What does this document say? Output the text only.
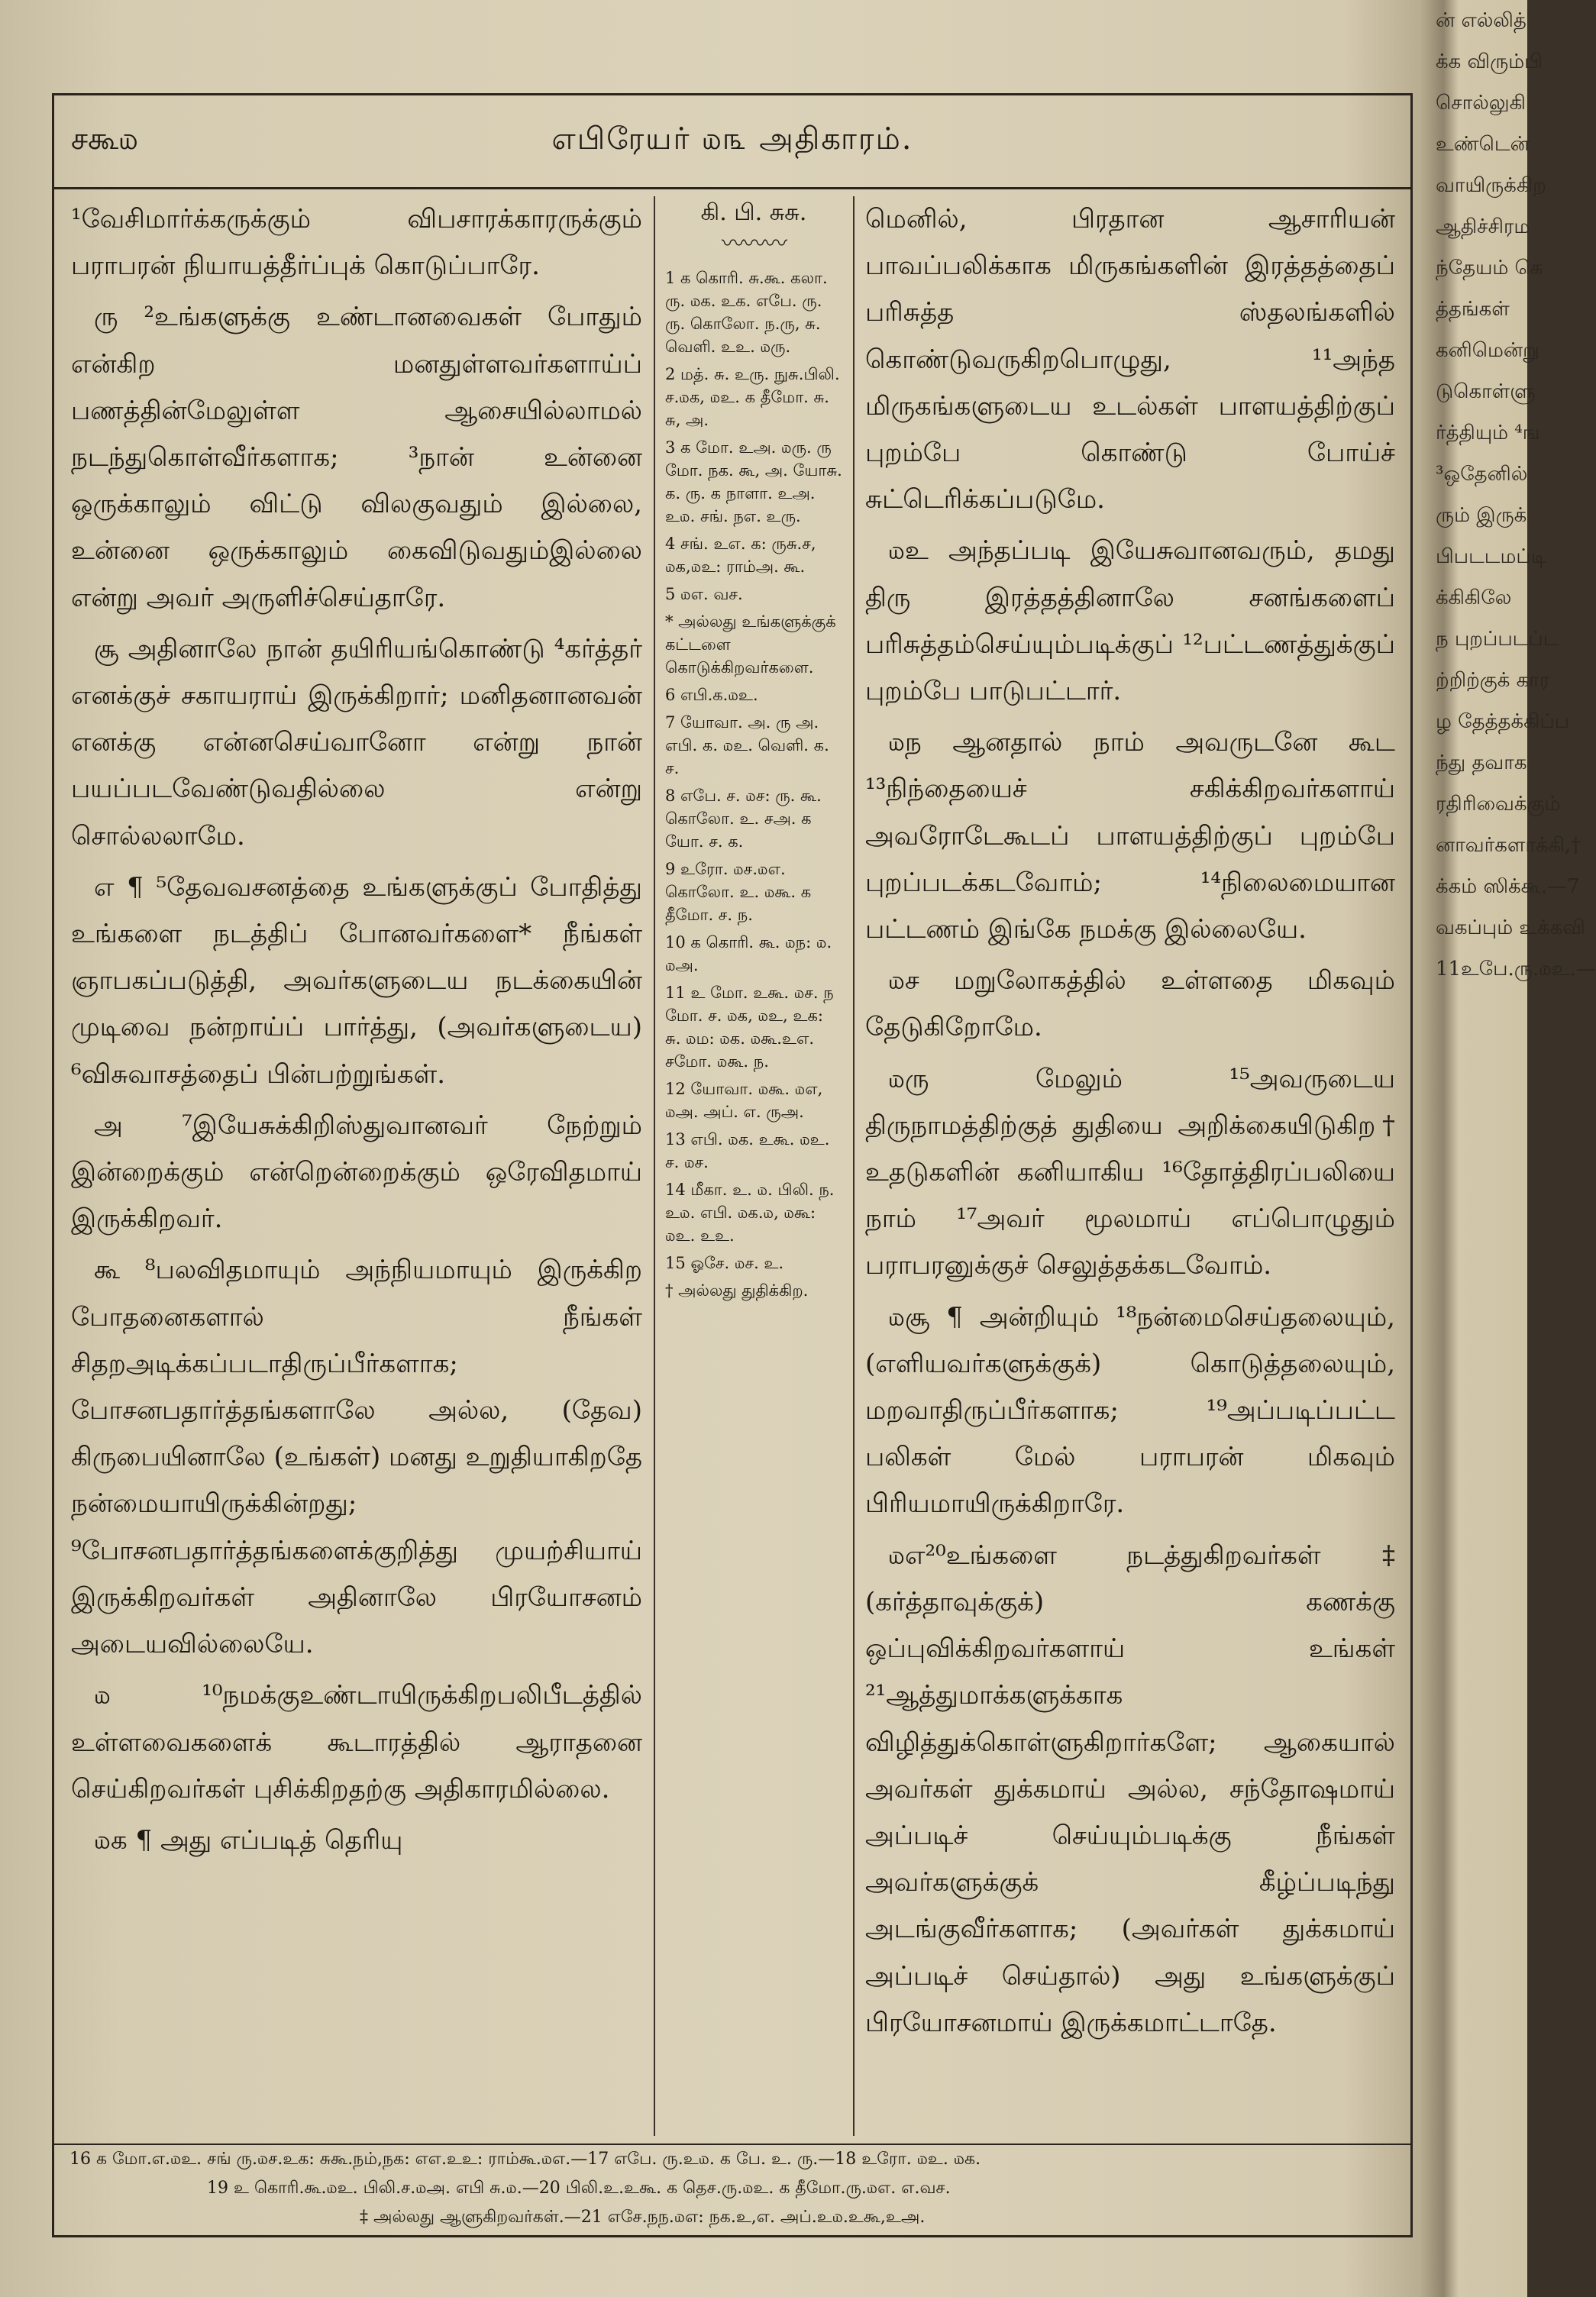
ன் எல்லித்
க்க விரும்பி
சொல்லுகி
உண்டென்
வாயிருக்கிற
ஆதிச்சிரம
ந்தேயம் கெ
த்தங்கள்
கனிமென்று
டுகொள்ளு
ர்த்தியும் ⁴ங
³ஒதேனில்
ரும் இருக்
பிபடடமப்டி
க்கிகிலே
ந புறப்படப்ட
ற்றிற்குக் கார
ழ தேத்தக்கிப்ப
ந்து தவாக
ரதிரிவைக்கும்
னாவர்களாக்கி,†
க்கம் ஸிக்கூ.—7
வகப்பும் உக்கவி
11உபே.ரு.௰உ.—
சகூ௰	எபிரேயர் ௰௩ அதிகாரம்.

¹வேசிமார்க்கருக்கும் விபசாரக்காரருக்கும் பராபரன் நியாயத்தீர்ப்புக் கொடுப்பாரே.

ரு ²உங்களுக்கு உண்டானவைகள் போதும் என்கிற மனதுள்ளவர்களாய்ப் பணத்தின்மேலுள்ள ஆசையில்லாமல் நடந்துகொள்வீர்களாக; ³நான் உன்னை ஒருக்காலும் விட்டு விலகுவதும் இல்லை, உன்னை ஒருக்காலும் கைவிடுவதும்இல்லை என்று அவர் அருளிச்செய்தாரே.

சூ அதினாலே நான் தயிரியங்கொண்டு ⁴கர்த்தர் எனக்குச் சகாயராய் இருக்கிறார்; மனிதனானவன் எனக்கு என்னசெய்வானோ என்று நான் பயப்படவேண்டுவதில்லை என்று சொல்லலாமே.

எ ¶ ⁵தேவவசனத்தை உங்களுக்குப் போதித்து உங்களை நடத்திப் போனவர்களை* நீங்கள் ஞாபகப்படுத்தி, அவர்களுடைய நடக்கையின் முடிவை நன்றாய்ப் பார்த்து, (அவர்களுடைய) ⁶விசுவாசத்தைப் பின்பற்றுங்கள்.

அ ⁷இயேசுக்கிறிஸ்துவானவர் நேற்றும் இன்றைக்கும் என்றென்றைக்கும் ஒரேவிதமாய் இருக்கிறவர்.

கூ ⁸பலவிதமாயும் அந்நியமாயும் இருக்கிற போதனைகளால் நீங்கள் சிதறஅடிக்கப்படாதிருப்பீர்களாக; போசனபதார்த்தங்களாலே அல்ல, (தேவ) கிருபையினாலே (உங்கள்) மனது உறுதியாகிறதே நன்மையாயிருக்கின்றது; ⁹போசனபதார்த்தங்களைக்குறித்து முயற்சியாய் இருக்கிறவர்கள் அதினாலே பிரயோசனம் அடையவில்லையே.

௰ ¹⁰நமக்குஉண்டாயிருக்கிறபலிபீடத்தில் உள்ளவைகளைக் கூடாரத்தில் ஆராதனை செய்கிறவர்கள் புசிக்கிறதற்கு அதிகாரமில்லை.

௰க ¶ அது எப்படித் தெரியு

கி. பி. சுசு.
〰〰〰
1 க கொரி. சு.கூ. கலா. ரு. ௰க. உக. எபே. ரு. ரு. கொலோ. ந.ரு, சு. வெளி. உஉ. ௰ரு.
2 மத். சு. உரு. நுசு.பிலி. ச.௰க, ௰உ. க தீமோ. சு. சு, அ.
3 க மோ. உஅ. ௰ரு. ரு மோ. நக. கூ, அ. யோசு. க. ரு. க நாளா. உஅ. உ௰. சங். நஎ. உரு.
4 சங். உஎ. க: ருசு.ச, ௰க,௰உ: ராம்அ. கூ.
5 ௰எ. வச.
* அல்லது உங்களுக்குக் கட்டளை கொடுக்கிறவர்களை.
6 எபி.க.௰உ.
7 யோவா. அ. ரு அ. எபி. க. ௰உ. வெளி. க. ச.
8 எபே. ச. ௰ச: ரு. கூ. கொலோ. உ. சஅ. க யோ. ச. க.
9 உரோ. ௰ச.௰எ. கொலோ. உ. ௰கூ. க தீமோ. ச. ந.
10 க கொரி. கூ. ௰ந: ௰. ௰அ.
11 உ மோ. உகூ. ௰ச. ந மோ. ச. ௰க, ௰உ, உக: சு. ௰ம: ௰க. ௰கூ.உஎ. சமோ. ௰கூ. ந.
12 யோவா. ௰கூ. ௰எ, ௰அ. அப். எ. ருஅ.
13 எபி. ௰க. உகூ. ௰உ. ச. ௰ச.
14 மீகா. உ. ௰. பிலி. ந. உ௰. எபி. ௰க.௰, ௰கூ: ௰உ. உஉ.
15 ஓசே. ௰ச. உ.
† அல்லது துதிக்கிற.

மெனில், பிரதான ஆசாரியன் பாவப்பலிக்காக மிருகங்களின் இரத்தத்தைப் பரிசுத்த ஸ்தலங்களில் கொண்டுவருகிறபொழுது, ¹¹அந்த மிருகங்களுடைய உடல்கள் பாளயத்திற்குப் புறம்பே கொண்டு போய்ச் சுட்டெரிக்கப்படுமே.

௰உ அந்தப்படி இயேசுவானவரும், தமது திரு இரத்தத்தினாலே சனங்களைப் பரிசுத்தம்செய்யும்படிக்குப் ¹²பட்டணத்துக்குப் புறம்பே பாடுபட்டார்.

௰ந ஆனதால் நாம் அவருடனே கூட ¹³நிந்தையைச் சகிக்கிறவர்களாய் அவரோடேகூடப் பாளயத்திற்குப் புறம்பே புறப்படக்கடவோம்; ¹⁴நிலைமையான பட்டணம் இங்கே நமக்கு இல்லையே.

௰ச மறுலோகத்தில் உள்ளதை மிகவும் தேடுகிறோமே.

௰ரு மேலும் ¹⁵அவருடைய திருநாமத்திற்குத் துதியை அறிக்கையிடுகிற† உதடுகளின் கனியாகிய ¹⁶தோத்திரப்பலியை நாம் ¹⁷அவர் மூலமாய் எப்பொழுதும் பராபரனுக்குச் செலுத்தக்கடவோம்.

௰சூ ¶ அன்றியும் ¹⁸நன்மைசெய்தலையும், (எளியவர்களுக்குக்) கொடுத்தலையும், மறவாதிருப்பீர்களாக; ¹⁹அப்படிப்பட்ட பலிகள் மேல் பராபரன் மிகவும் பிரியமாயிருக்கிறாரே.

௰எ²⁰உங்களை நடத்துகிறவர்கள்‡ (கர்த்தாவுக்குக்) கணக்கு ஒப்புவிக்கிறவர்களாய் உங்கள் ²¹ஆத்துமாக்களுக்காக விழித்துக்கொள்ளுகிறார்களே; ஆகையால் அவர்கள் துக்கமாய் அல்ல, சந்தோஷமாய் அப்படிச் செய்யும்படிக்கு நீங்கள் அவர்களுக்குக் கீழ்ப்படிந்து அடங்குவீர்களாக; (அவர்கள் துக்கமாய் அப்படிச் செய்தால்) அது உங்களுக்குப் பிரயோசனமாய் இருக்கமாட்டாதே.

16 க மோ.எ.௰உ. சங் ரு.௰ச.உக: சுகூ.நம்,நக: எஎ.உஉ: ராம்கூ.௰எ.—17 எபே. ரு.உ௰. க பே. உ. ரு.—18 உரோ. ௰உ. ௰க.
19 உ கொரி.கூ.௰உ. பிலி.ச.௰அ. எபி சு.௰.—20 பிலி.உ.உகூ. க தெச.ரு.௰உ. க தீமோ.ரு.௰எ. எ.வச.
‡ அல்லது ஆளுகிறவர்கள்.—21 எசே.நந.௰எ: நக.உ,எ. அப்.உ௰.உகூ,உஅ.
